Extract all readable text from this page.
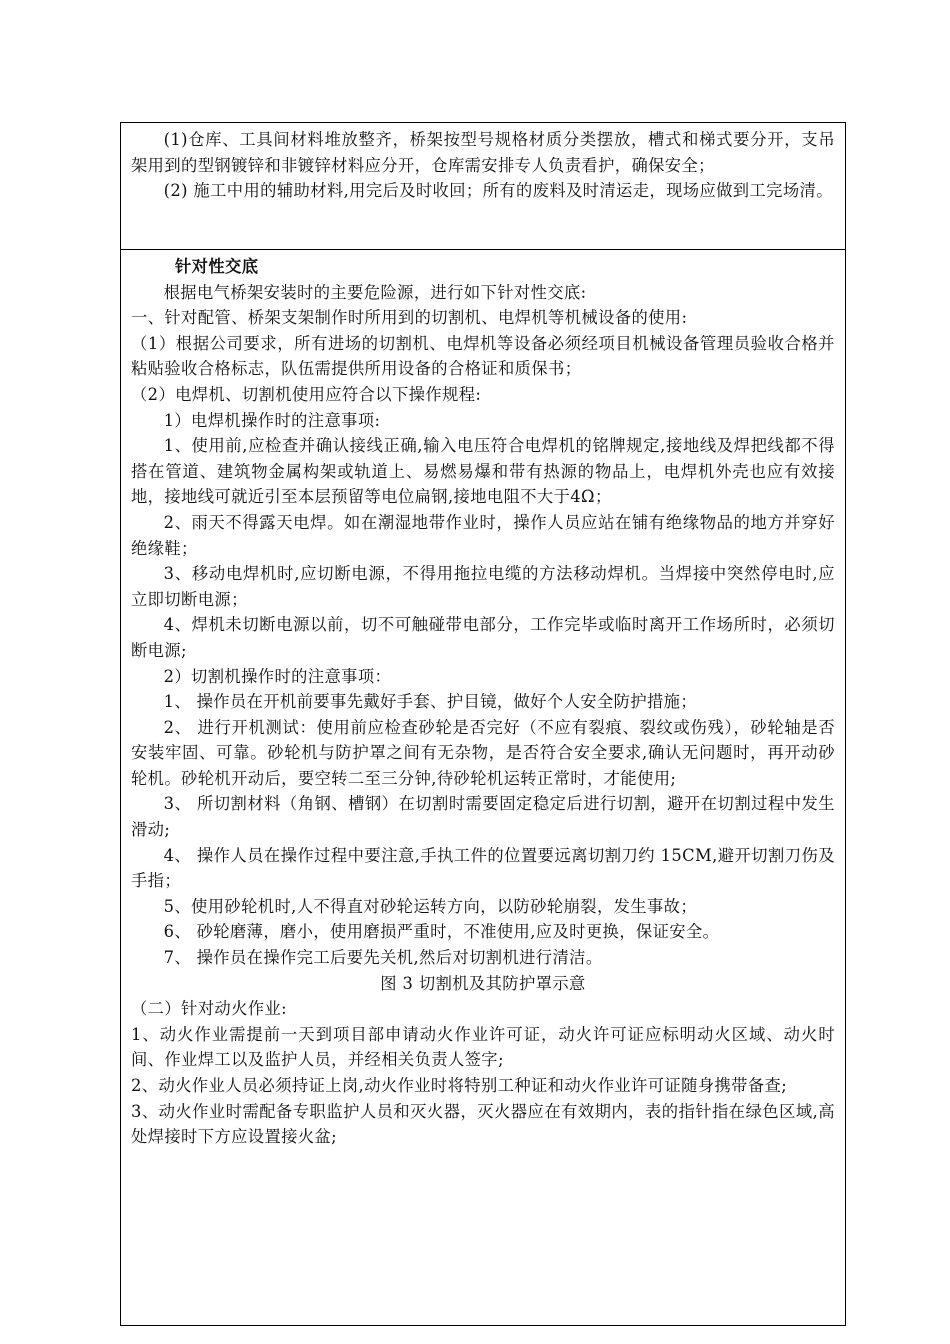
(1)仓库、工具间材料堆放整齐，桥架按型号规格材质分类摆放，槽式和梯式要分开，支吊架用到的型钢镀锌和非镀锌材料应分开，仓库需安排专人负责看护，确保安全；

(2) 施工中用的辅助材料,用完后及时收回；所有的废料及时清运走，现场应做到工完场清。

针对性交底

根据电气桥架安装时的主要危险源，进行如下针对性交底:

一、针对配管、桥架支架制作时所用到的切割机、电焊机等机械设备的使用:

（1）根据公司要求，所有进场的切割机、电焊机等设备必须经项目机械设备管理员验收合格并粘贴验收合格标志，队伍需提供所用设备的合格证和质保书；

（2）电焊机、切割机使用应符合以下操作规程:

1）电焊机操作时的注意事项:

1、使用前,应检查并确认接线正确,输入电压符合电焊机的铭牌规定,接地线及焊把线都不得搭在管道、建筑物金属构架或轨道上、易燃易爆和带有热源的物品上，电焊机外壳也应有效接地，接地线可就近引至本层预留等电位扁钢,接地电阻不大于4Ω；

2、雨天不得露天电焊。如在潮湿地带作业时，操作人员应站在铺有绝缘物品的地方并穿好绝缘鞋；

3、移动电焊机时,应切断电源，不得用拖拉电缆的方法移动焊机。当焊接中突然停电时,应立即切断电源；

4、焊机未切断电源以前，切不可触碰带电部分，工作完毕或临时离开工作场所时，必须切断电源;

2）切割机操作时的注意事项：

1、 操作员在开机前要事先戴好手套、护目镜，做好个人安全防护措施；

2、 进行开机测试：使用前应检查砂轮是否完好（不应有裂痕、裂纹或伤残），砂轮轴是否安装牢固、可靠。砂轮机与防护罩之间有无杂物，是否符合安全要求,确认无问题时，再开动砂轮机。砂轮机开动后，要空转二至三分钟,待砂轮机运转正常时，才能使用;

3、 所切割材料（角钢、槽钢）在切割时需要固定稳定后进行切割，避开在切割过程中发生滑动;

4、 操作人员在操作过程中要注意,手执工件的位置要远离切割刀约 15CM,避开切割刀伤及手指；

5、使用砂轮机时,人不得直对砂轮运转方向，以防砂轮崩裂，发生事故；

6、 砂轮磨薄，磨小，使用磨损严重时，不准使用,应及时更换，保证安全。

7、 操作员在操作完工后要先关机,然后对切割机进行清洁。

图 3 切割机及其防护罩示意

（二）针对动火作业:

1、动火作业需提前一天到项目部申请动火作业许可证，动火许可证应标明动火区域、动火时间、作业焊工以及监护人员，并经相关负责人签字;

2、动火作业人员必须持证上岗,动火作业时将特别工种证和动火作业许可证随身携带备查;

3、动火作业时需配备专职监护人员和灭火器，灭火器应在有效期内，表的指针指在绿色区域,高处焊接时下方应设置接火盆;
